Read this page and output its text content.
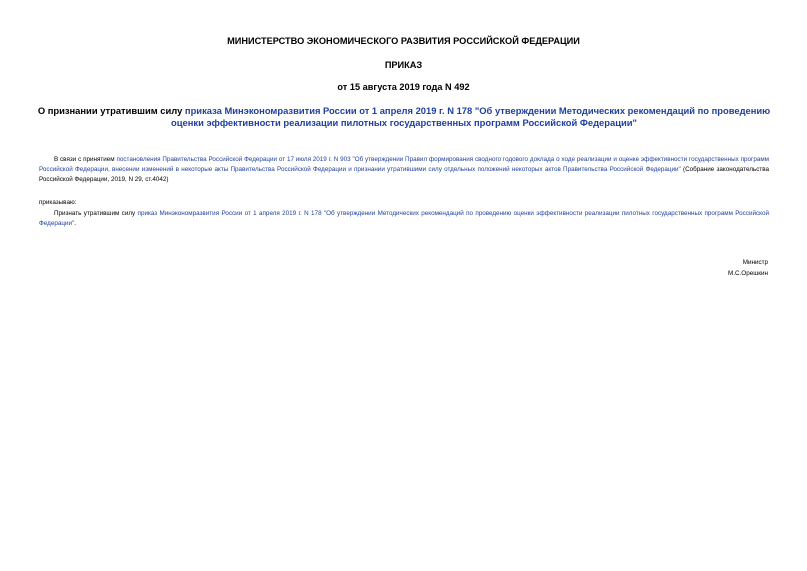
МИНИСТЕРСТВО ЭКОНОМИЧЕСКОГО РАЗВИТИЯ РОССИЙСКОЙ ФЕДЕРАЦИИ
ПРИКАЗ
от 15 августа 2019 года N 492
О признании утратившим силу приказа Минэкономразвития России от 1 апреля 2019 г. N 178 "Об утверждении Методических рекомендаций по проведению оценки эффективности реализации пилотных государственных программ Российской Федерации"
В связи с принятием постановления Правительства Российской Федерации от 17 июля 2019 г. N 903 "Об утверждении Правил формирования сводного годового доклада о ходе реализации и оценке эффективности государственных программ Российской Федерации, внесении изменений в некоторые акты Правительства Российской Федерации и признании утратившими силу отдельных положений некоторых актов Правительства Российской Федерации" (Собрание законодательства Российской Федерации, 2019, N 29, ст.4042)
приказываю:
Признать утратившим силу приказ Минэкономразвития России от 1 апреля 2019 г. N 178 "Об утверждении Методических рекомендаций по проведению оценки эффективности реализации пилотных государственных программ Российской Федерации".
Министр
М.С.Орешкин
